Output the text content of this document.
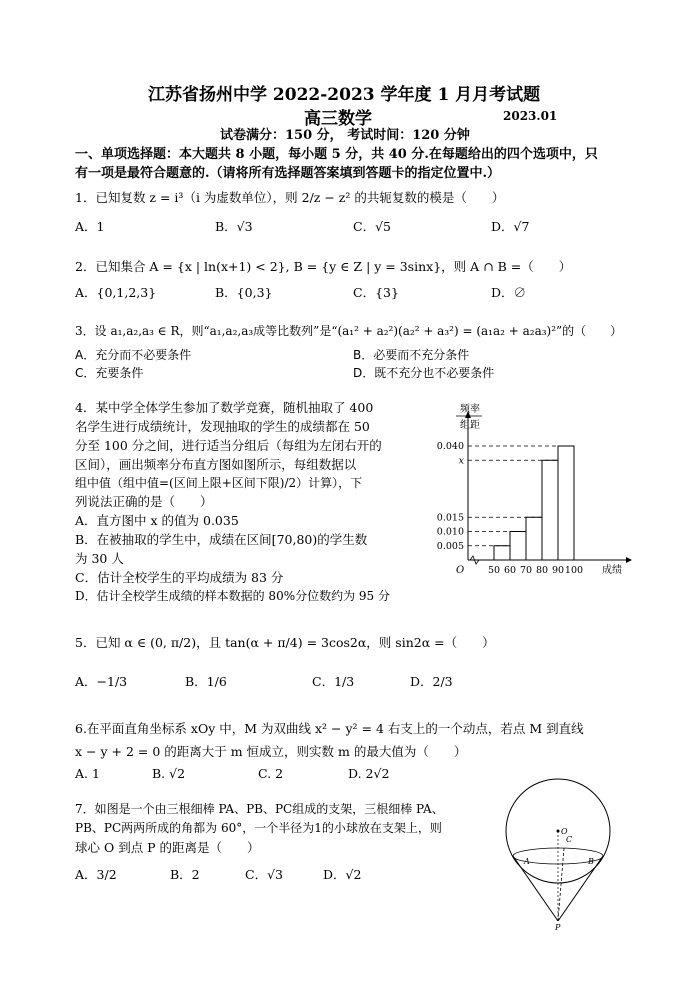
江苏省扬州中学 2022-2023 学年度 1 月月考试题
高三数学	2023.01
试卷满分：150 分， 考试时间：120 分钟
一、单项选择题：本大题共 8 小题，每小题 5 分，共 40 分.在每题给出的四个选项中，只
有一项是最符合题意的.（请将所有选择题答案填到答题卡的指定位置中.）
1．已知复数 z = i³（i 为虚数单位），则 2/z − z² 的共轭复数的模是（　　）
A．1	B．√3	C．√5	D．√7
2．已知集合 A = {x | ln(x+1) < 2}, B = {y ∈ Z | y = 3sinx}，则 A ∩ B =（　　）
A．{0,1,2,3}	B．{0,3}	C．{3}	D．∅
3．设 a₁,a₂,a₃ ∈ R，则“a₁,a₂,a₃成等比数列”是“(a₁² + a₂²)(a₂² + a₃²) = (a₁a₂ + a₂a₃)²”的（　　）
A．充分而不必要条件	B．必要而不充分条件
C．充要条件	D．既不充分也不必要条件
4．某中学全体学生参加了数学竞赛，随机抽取了 400
名学生进行成绩统计，发现抽取的学生的成绩都在 50
分至 100 分之间，进行适当分组后（每组为左闭右开的
区间），画出频率分布直方图如图所示，每组数据以
组中值（组中值=(区间上限+区间下限)/2）计算），下
列说法正确的是（　　）
A．直方图中 x 的值为 0.035
B．在被抽取的学生中，成绩在区间[70,80)的学生数
为 30 人
C．估计全校学生的平均成绩为 83 分
D．估计全校学生成绩的样本数据的 80%分位数约为 95 分
频率
组距
O	成绩
0.005
0.010
0.015
x
0.040
50 60 70 80 90 100
5．已知 α ∈ (0, π/2)，且 tan(α + π/4) = 3cos2α，则 sin2α =（　　）
A．−1/3	B．1/6	C．1/3	D．2/3
6.在平面直角坐标系 xOy 中，M 为双曲线 x² − y² = 4 右支上的一个动点，若点 M 到直线
x − y + 2 = 0 的距离大于 m 恒成立，则实数 m 的最大值为（　　）
A. 1	B. √2	C. 2	D. 2√2
7．如图是一个由三根细棒 PA、PB、PC组成的支架，三根细棒 PA、
PB、PC两两所成的角都为 60°，一个半径为1的小球放在支架上，则
球心 O 到点 P 的距离是（　　）
A．3/2	B．2	C．√3	D．√2
O
C
A	B
P
